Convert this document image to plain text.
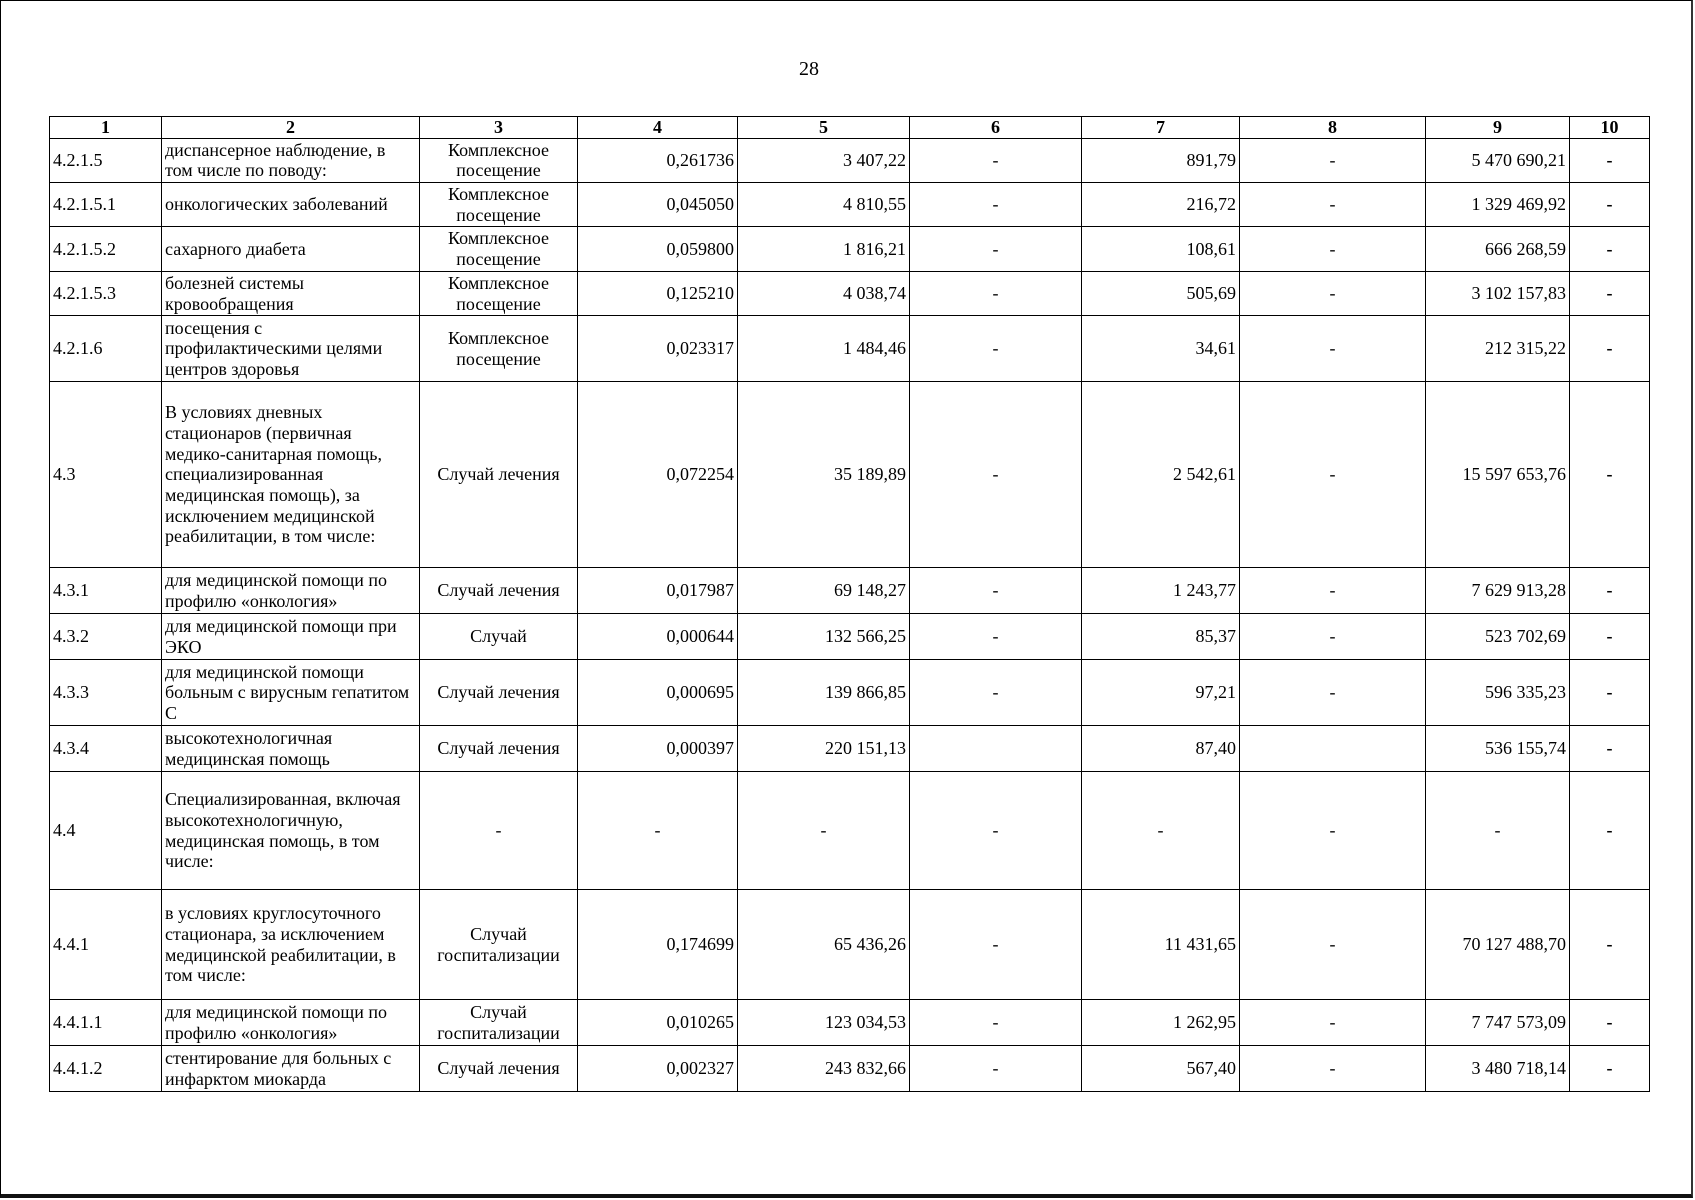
28
1	2	3	4	5	6	7	8	9	10
4.2.1.5	диспансерное наблюдение, в том числе по поводу:	Комплексное посещение	0,261736	3 407,22	-	891,79	-	5 470 690,21	-
4.2.1.5.1	онкологических заболеваний	Комплексное посещение	0,045050	4 810,55	-	216,72	-	1 329 469,92	-
4.2.1.5.2	сахарного диабета	Комплексное посещение	0,059800	1 816,21	-	108,61	-	666 268,59	-
4.2.1.5.3	болезней системы кровообращения	Комплексное посещение	0,125210	4 038,74	-	505,69	-	3 102 157,83	-
4.2.1.6	посещения с профилактическими целями центров здоровья	Комплексное посещение	0,023317	1 484,46	-	34,61	-	212 315,22	-
4.3	В условиях дневных стационаров (первичная медико-санитарная помощь, специализированная медицинская помощь), за исключением медицинской реабилитации, в том числе:	Случай лечения	0,072254	35 189,89	-	2 542,61	-	15 597 653,76	-
4.3.1	для медицинской помощи по профилю «онкология»	Случай лечения	0,017987	69 148,27	-	1 243,77	-	7 629 913,28	-
4.3.2	для медицинской помощи при ЭКО	Случай	0,000644	132 566,25	-	85,37	-	523 702,69	-
4.3.3	для медицинской помощи больным с вирусным гепатитом С	Случай лечения	0,000695	139 866,85	-	97,21	-	596 335,23	-
4.3.4	высокотехнологичная медицинская помощь	Случай лечения	0,000397	220 151,13		87,40		536 155,74	-
4.4	Специализированная, включая высокотехнологичную, медицинская помощь, в том числе:	-	-	-	-	-	-	-	-
4.4.1	в условиях круглосуточного стационара, за исключением медицинской реабилитации, в том числе:	Случай госпитализации	0,174699	65 436,26	-	11 431,65	-	70 127 488,70	-
4.4.1.1	для медицинской помощи по профилю «онкология»	Случай госпитализации	0,010265	123 034,53	-	1 262,95	-	7 747 573,09	-
4.4.1.2	стентирование для больных с инфарктом миокарда	Случай лечения	0,002327	243 832,66	-	567,40	-	3 480 718,14	-
